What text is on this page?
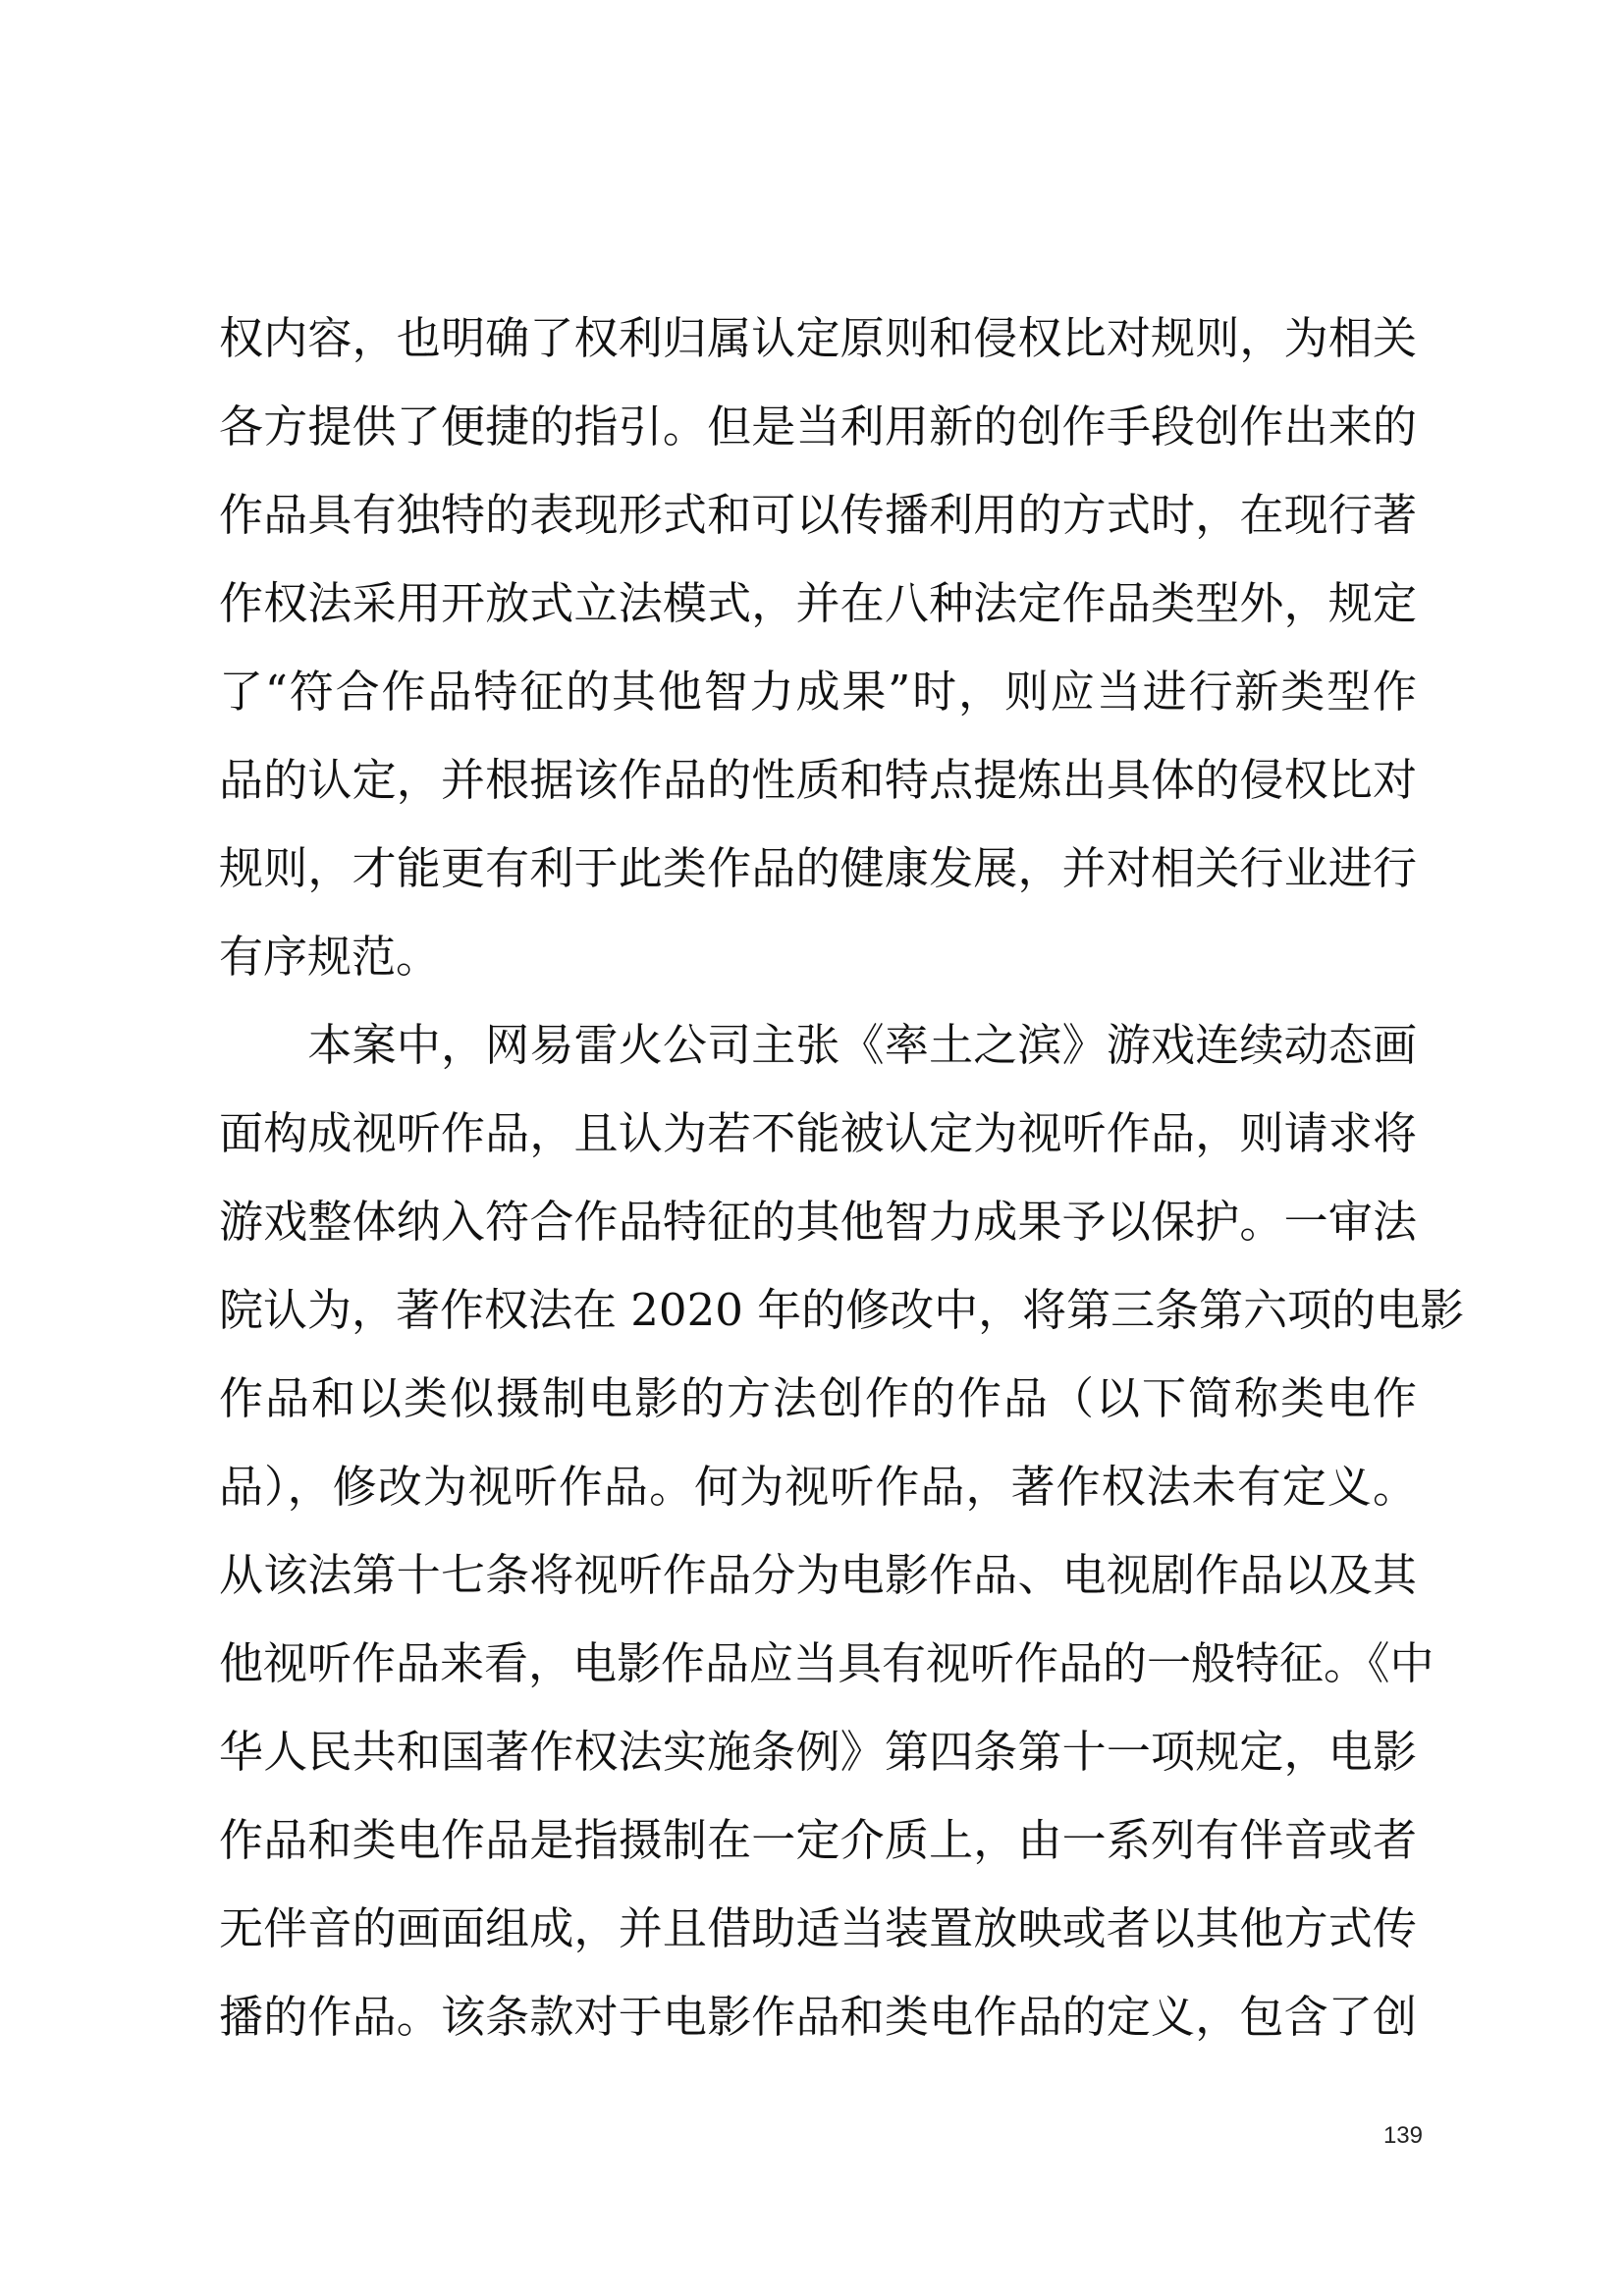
权内容，也明确了权利归属认定原则和侵权比对规则，为相关
各方提供了便捷的指引。但是当利用新的创作手段创作出来的
作品具有独特的表现形式和可以传播利用的方式时，在现行著
作权法采用开放式立法模式，并在八种法定作品类型外，规定
了“符合作品特征的其他智力成果”时，则应当进行新类型作
品的认定，并根据该作品的性质和特点提炼出具体的侵权比对
规则，才能更有利于此类作品的健康发展，并对相关行业进行
有序规范。
　　本案中，网易雷火公司主张《率土之滨》游戏连续动态画
面构成视听作品，且认为若不能被认定为视听作品，则请求将
游戏整体纳入符合作品特征的其他智力成果予以保护。一审法
院认为，著作权法在 2020 年的修改中，将第三条第六项的电影
作品和以类似摄制电影的方法创作的作品（以下简称类电作
品），修改为视听作品。何为视听作品，著作权法未有定义。
从该法第十七条将视听作品分为电影作品、电视剧作品以及其
他视听作品来看，电影作品应当具有视听作品的一般特征。《中
华人民共和国著作权法实施条例》第四条第十一项规定，电影
作品和类电作品是指摄制在一定介质上，由一系列有伴音或者
无伴音的画面组成，并且借助适当装置放映或者以其他方式传
播的作品。该条款对于电影作品和类电作品的定义，包含了创
139
